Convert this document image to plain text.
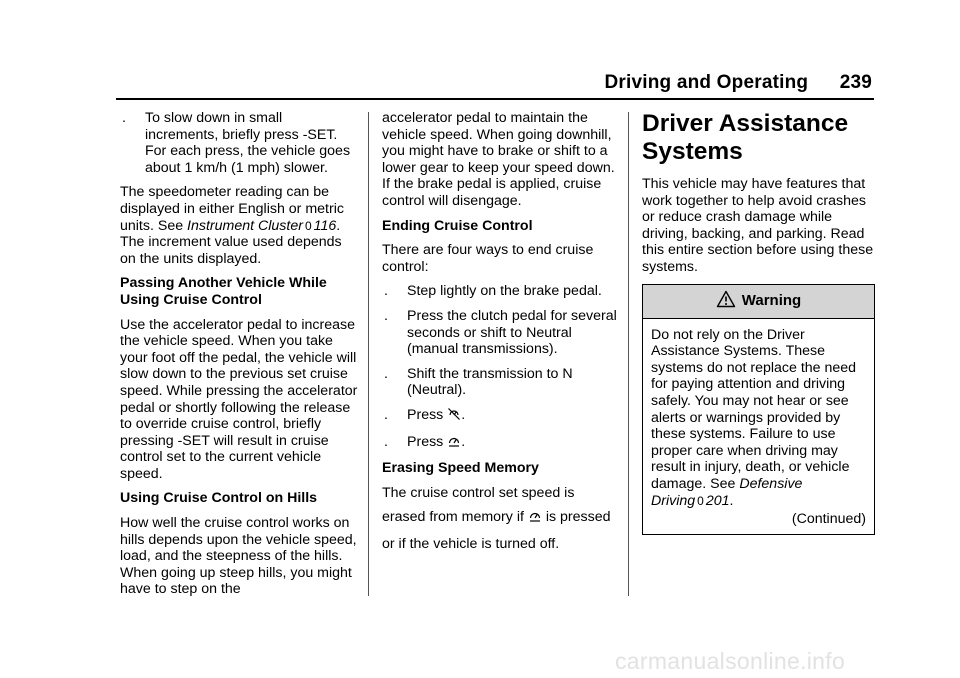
Driving and Operating 239
. To slow down in small increments, briefly press -SET. For each press, the vehicle goes about 1 km/h (1 mph) slower.

The speedometer reading can be displayed in either English or metric units. See Instrument Cluster 0 116. The increment value used depends on the units displayed.

Passing Another Vehicle While Using Cruise Control

Use the accelerator pedal to increase the vehicle speed. When you take your foot off the pedal, the vehicle will slow down to the previous set cruise speed. While pressing the accelerator pedal or shortly following the release to override cruise control, briefly pressing -SET will result in cruise control set to the current vehicle speed.

Using Cruise Control on Hills

How well the cruise control works on hills depends upon the vehicle speed, load, and the steepness of the hills. When going up steep hills, you might have to step on the

accelerator pedal to maintain the vehicle speed. When going downhill, you might have to brake or shift to a lower gear to keep your speed down. If the brake pedal is applied, cruise control will disengage.

Ending Cruise Control

There are four ways to end cruise control:

. Step lightly on the brake pedal.
. Press the clutch pedal for several seconds or shift to Neutral (manual transmissions).
. Shift the transmission to N (Neutral).
. Press .
. Press .
Erasing Speed Memory

The cruise control set speed is

erased from memory if is pressed

or if the vehicle is turned off.

Driver Assistance Systems

This vehicle may have features that work together to help avoid crashes or reduce crash damage while driving, backing, and parking. Read this entire section before using these systems.

Warning
Do not rely on the Driver Assistance Systems. These systems do not replace the need for paying attention and driving safely. You may not hear or see alerts or warnings provided by these systems. Failure to use proper care when driving may result in injury, death, or vehicle damage. See Defensive Driving 0 201.
(Continued)
carmanualsonline.info
